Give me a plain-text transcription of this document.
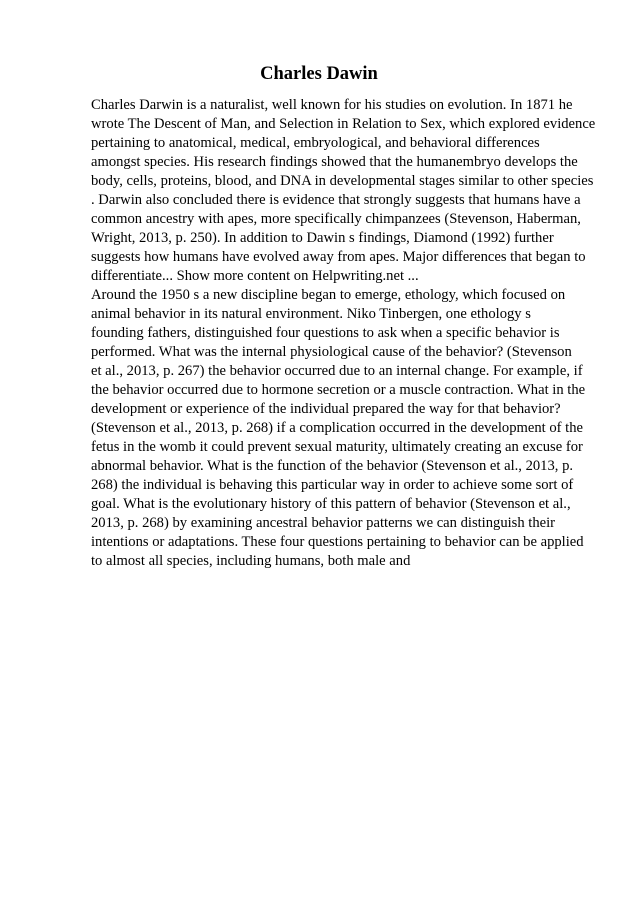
Charles Dawin
Charles Darwin is a naturalist, well known for his studies on evolution. In 1871 he
wrote The Descent of Man, and Selection in Relation to Sex, which explored evidence
pertaining to anatomical, medical, embryological, and behavioral differences
amongst species. His research findings showed that the humanembryo develops the
body, cells, proteins, blood, and DNA in developmental stages similar to other species
. Darwin also concluded there is evidence that strongly suggests that humans have a
common ancestry with apes, more specifically chimpanzees (Stevenson, Haberman,
Wright, 2013, p. 250). In addition to Dawin s findings, Diamond (1992) further
suggests how humans have evolved away from apes. Major differences that began to
differentiate... Show more content on Helpwriting.net ...
Around the 1950 s a new discipline began to emerge, ethology, which focused on
animal behavior in its natural environment. Niko Tinbergen, one ethology s
founding fathers, distinguished four questions to ask when a specific behavior is
performed. What was the internal physiological cause of the behavior? (Stevenson
et al., 2013, p. 267) the behavior occurred due to an internal change. For example, if
the behavior occurred due to hormone secretion or a muscle contraction. What in the
development or experience of the individual prepared the way for that behavior?
(Stevenson et al., 2013, p. 268) if a complication occurred in the development of the
fetus in the womb it could prevent sexual maturity, ultimately creating an excuse for
abnormal behavior. What is the function of the behavior (Stevenson et al., 2013, p.
268) the individual is behaving this particular way in order to achieve some sort of
goal. What is the evolutionary history of this pattern of behavior (Stevenson et al.,
2013, p. 268) by examining ancestral behavior patterns we can distinguish their
intentions or adaptations. These four questions pertaining to behavior can be applied
to almost all species, including humans, both male and
